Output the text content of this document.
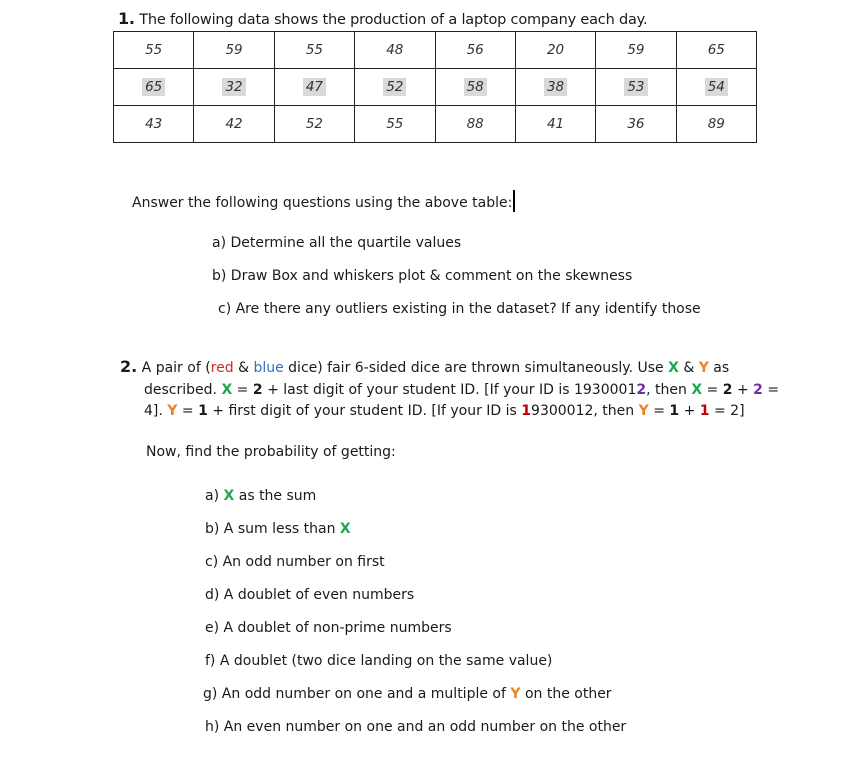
1. The following data shows the production of a laptop company each day.
55	59	55	48	56	20	59	65
65	32	47	52	58	38	53	54
43	42	52	55	88	41	36	89
Answer the following questions using the above table:
a) Determine all the quartile values
b) Draw Box and whiskers plot & comment on the skewness
c) Are there any outliers existing in the dataset? If any identify those
2. A pair of (red & blue dice) fair 6-sided dice are thrown simultaneously. Use X & Y as
described. X = 2 + last digit of your student ID. [If your ID is 19300012, then X = 2 + 2 =
4]. Y = 1 + first digit of your student ID. [If your ID is 19300012, then Y = 1 + 1 = 2]
Now, find the probability of getting:
a) X as the sum
b) A sum less than X
c) An odd number on first
d) A doublet of even numbers
e) A doublet of non-prime numbers
f) A doublet (two dice landing on the same value)
g) An odd number on one and a multiple of Y on the other
h) An even number on one and an odd number on the other
